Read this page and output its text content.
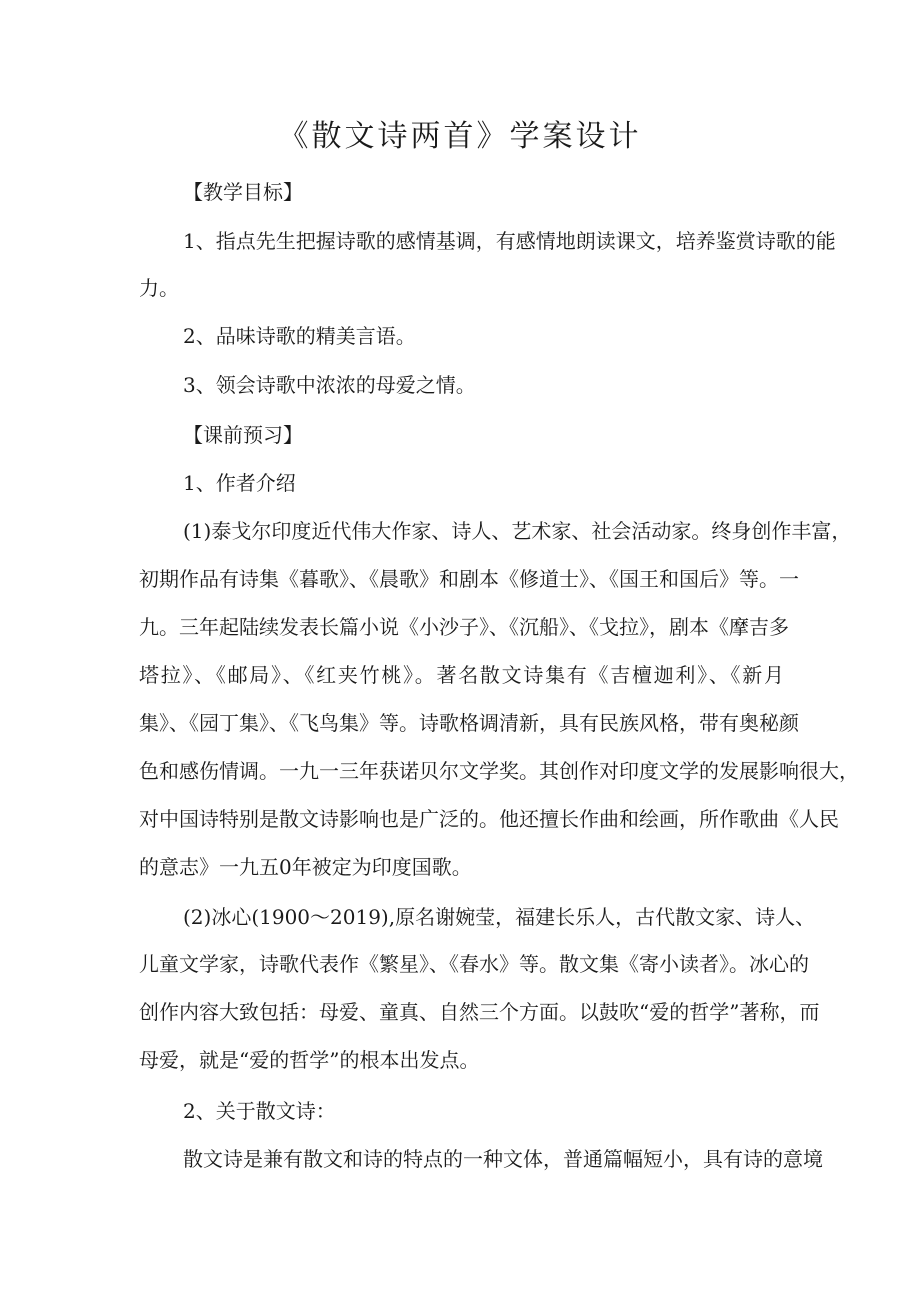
《散文诗两首》学案设计
【教学目标】
1、指点先生把握诗歌的感情基调，有感情地朗读课文，培养鉴赏诗歌的能
力。
2、品味诗歌的精美言语。
3、领会诗歌中浓浓的母爱之情。
【课前预习】
1、作者介绍
(1)泰戈尔印度近代伟大作家、诗人、艺术家、社会活动家。终身创作丰富，
初期作品有诗集《暮歌》、《晨歌》和剧本《修道士》、《国王和国后》等。一
九。三年起陆续发表长篇小说《小沙子》、《沉船》、《戈拉》，剧本《摩吉多
塔拉》、《邮局》、《红夹竹桃》。著名散文诗集有《吉檀迦利》、《新月
集》、《园丁集》、《飞鸟集》等。诗歌格调清新，具有民族风格，带有奥秘颜
色和感伤情调。一九一三年获诺贝尔文学奖。其创作对印度文学的发展影响很大，
对中国诗特别是散文诗影响也是广泛的。他还擅长作曲和绘画，所作歌曲《人民
的意志》一九五0年被定为印度国歌。
(2)冰心(1900～2019),原名谢婉莹，福建长乐人，古代散文家、诗人、
儿童文学家，诗歌代表作《繁星》、《春水》等。散文集《寄小读者》。冰心的
创作内容大致包括：母爱、童真、自然三个方面。以鼓吹“爱的哲学”著称，而
母爱，就是“爱的哲学”的根本出发点。
2、关于散文诗：
散文诗是兼有散文和诗的特点的一种文体，普通篇幅短小，具有诗的意境
